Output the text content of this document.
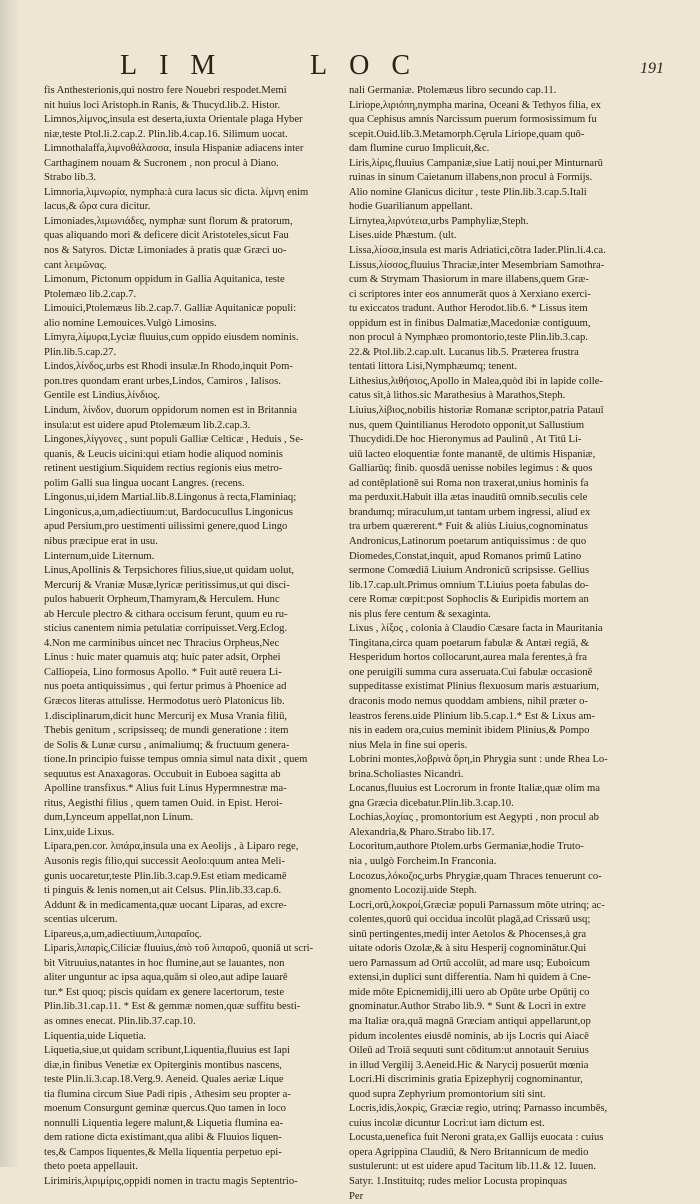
LIM	LOC	191
fis Anthesterionis,qui nostro fere Nouebri respodet.Memi
nit huius loci Aristoph.in Ranis, & Thucyd.lib.2. Histor.
Limnos,λίμνος,insula est deserta,iuxta Orientale plaga Hyber
niæ,teste Ptol.li.2.cap.2. Plin.lib.4.cap.16. Silimum uocat.
Limnothalaffa,λιμνοθάλασσα, insula Hispaniæ adiacens inter
Carthaginem nouam & Sucronem , non procul à Diano.
Strabo lib.3.
Limnoria,λιμνωρία, nympha:à cura lacus sic dicta. λίμνη enim
lacus,& ὤρα cura dicitur.
Limoniades,λιμωνιάδες, nymphæ sunt florum & pratorum,
quas aliquando mori & deficere dicit Aristoteles,sicut Fau
nos & Satyros. Dictæ Limoniades à pratis quæ Græci uo-
cant λειμῶνας.
Limonum, Pictonum oppidum in Gallia Aquitanica, teste
Ptolemæo lib.2.cap.7.
Limouici,Ptolemæus lib.2.cap.7. Galliæ Aquitanicæ populi:
alio nomine Lemouices.Vulgò Limosins.
Limyra,λίμυρα,Lyciæ fluuius,cum oppido eiusdem nominis.
Plin.lib.5.cap.27.
Lindos,λίνδος,urbs est Rhodi insulæ.In Rhodo,inquit Pom-
pon.tres quondam erant urbes,Lindos, Camiros , Ialisos.
Gentile est Lindius,λίνδιος.
Lindum, λίνδον, duorum oppidorum nomen est in Britannia
insula:ut est uidere apud Ptolemæum lib.2.cap.3.
Lingones,λίγγονες , sunt populi Galliæ Celticæ , Heduis , Se-
quanis, & Leucis uicini:qui etiam hodie aliquod nominis
retinent uestigium.Siquidem rectius regionis eius metro-
polim Galli sua lingua uocant Langres. (recens.
Lingonus,ui,idem Martial.lib.8.Lingonus à recta,Flaminiaq;
Lingonicus,a,um,adiectiuum:ut, Bardocucullus Lingonicus
apud Persium,pro uestimenti uilissimi genere,quod Lingo
nibus præcipue erat in usu.
Linternum,uide Liternum.
Linus,Apollinis & Terpsichores filius,siue,ut quidam uolut,
Mercurij & Vraniæ Musæ,lyricæ peritissimus,ut qui disci-
pulos habuerit Orpheum,Thamyram,& Herculem. Hunc
ab Hercule plectro & cithara occisum ferunt, quum eu ru-
sticius canentem nimia petulatiæ corripuisset.Verg.Eclog.
4.Non me carminibus uincet nec Thracius Orpheus,Nec
Linus : huic mater quamuis atq; huic pater adsit, Orphei
Calliopeia, Lino formosus Apollo. * Fuit autē reuera Li-
nus poeta antiquissimus , qui fertur primus à Phoenice ad
Græcos literas attulisse. Hermodotus uerò Platonicus lib.
1.disciplinarum,dicit hunc Mercurij ex Musa Vrania filiū,
Thebis genitum , scripsisseq; de mundi generatione : item
de Solis & Lunæ cursu , animaliumq; & fructuum genera-
tione.In principio fuisse tempus omnia simul nata dixit , quem
sequutus est Anaxagoras. Occubuit in Euboea sagitta ab
Apolline transfixus.* Alius fuit Linus Hypermnestræ ma-
ritus, Aegisthi filius , quem tamen Ouid. in Epist. Heroi-
dum,Lynceum appellat,non Linum.
Linx,uide Lixus.
Lipara,pen.cor. λιπάρα,insula una ex Aeolijs , à Liparo rege,
Ausonis regis filio,qui successit Aeolo:quum antea Meli-
gunis uocaretur,teste Plin.lib.3.cap.9.Est etiam medicamē
ti pinguis & lenis nomen,ut ait Celsus. Plin.lib.33.cap.6.
Addunt & in medicamenta,quæ uocant Liparas, ad excre-
scentias ulcerum.
Lipareus,a,um,adiectiuum,λιπαραῖος.
Liparis,λιπαρὶς,Ciliciæ fluuius,ἀπὸ τοῦ λιπαροῦ, quoniā ut scri-
bit Vitruuius,natantes in hoc flumine,aut se lauantes, non
aliter unguntur ac ipsa aqua,quām si oleo,aut adipe lauarē
tur.* Est quoq; piscis quidam ex genere lacertorum, teste
Plin.lib.31.cap.11. * Est & gemmæ nomen,quæ suffitu besti-
as omnes enecat. Plin.lib.37.cap.10.
Liquentia,uide Liquetia.
Liquetia,siue,ut quidam scribunt,Liquentia,fluuius est Iapi
diæ,in finibus Venetiæ ex Opiterginis montibus nascens,
teste Plin.li.3.cap.18.Verg.9. Aeneid. Quales aeriæ Lique
tia flumina circum Siue Padi ripis , Athesim seu propter a-
moenum Consurgunt geminæ quercus.Quo tamen in loco
nonnulli Liquentia legere malunt,& Liquetia flumina ea-
dem ratione dicta existimant,qua alibi & Fluuios liquen-
tes,& Campos liquentes,& Mella liquentia perpetuo epi-
theto poeta appellauit.
Lirimiris,λιριμίρις,oppidi nomen in tractu magis Septentrio-
nali Germaniæ. Ptolemæus libro secundo cap.11.
Liriope,λιριόπη,nympha marina, Oceani & Tethyos filia, ex
qua Cephisus amnis Narcissum puerum formosissimum fu
scepit.Ouid.lib.3.Metamorph.Cęrula Liriope,quam quō-
dam flumine curuo Implicuit,&c.
Liris,λίρις,fluuius Campaniæ,siue Latij noui,per Minturnarū
ruinas in sinum Caietanum illabens,non procul à Formijs.
Alio nomine Glanicus dicitur , teste Plin.lib.3.cap.5.Itali
hodie Guarilianum appellant.
Lirnytea,λιρνύτεια,urbs Pamphyliæ,Steph.
Lises.uide Phæstum. (ult.
Lissa,λίσσα,insula est maris Adriatici,cōtra Iader.Plin.li.4.ca.
Lissus,λίσσος,fluuius Thraciæ,inter Mesembriam Samothra-
cum & Strymam Thasiorum in mare illabens,quem Græ-
ci scriptores inter eos annumerāt quos à Xerxiano exerci-
tu exiccatos tradunt. Author Herodot.lib.6. * Lissus item
oppidum est in finibus Dalmatiæ,Macedoniæ contiguum,
non procul à Nymphæo promontorio,teste Plin.lib.3.cap.
22.& Ptol.lib.2.cap.ult. Lucanus lib.5. Præterea frustra
tentati littora Lisi,Nymphæumq; tenent.
Lithesius,λιθήσιος,Apollo in Malea,quòd ibi in lapide colle-
catus sit,à lithos.sic Marathesius à Marathos,Steph.
Liuius,λίβιος,nobilis historiæ Romanæ scriptor,patria Patauī
nus, quem Quintilianus Herodoto opponit,ut Sallustium
Thucydidi.De hoc Hieronymus ad Paulinū , At Titū Li-
uiū lacteo eloquentiæ fonte manantē, de ultimis Hispaniæ,
Galliarūq; finib. quosdā uenisse nobiles legimus : & quos
ad contēplationē sui Roma non traxerat,unius hominis fa
ma perduxit.Habuit illa ætas inauditū omnib.seculis cele
brandumq; miraculum,ut tantam urbem ingressi, aliud ex
tra urbem quærerent.* Fuit & aliùs Liuius,cognominatus
Andronicus,Latinorum poetarum antiquissimus : de quo
Diomedes,Constat,inquit, apud Romanos primū Latino
sermone Comœdiā Liuium Andronicū scripsisse. Gellius
lib.17.cap.ult.Primus omnium T.Liuius poeta fabulas do-
cere Romæ cœpit:post Sophoclis & Euripidis mortem an
nis plus fere centum & sexaginta.
Lixus , λίξος , colonia à Claudio Cæsare facta in Mauritania
Tingitana,circa quam poetarum fabulæ & Antæi regiā, &
Hesperidum hortos collocarunt,aurea mala ferentes,à fra
one peruigili summa cura asseruata.Cui fabulæ occasionē
suppeditasse existimat Plinius flexuosum maris æstuarium,
draconis modo nemus quoddam ambiens, nihil præter o-
leastros ferens.uide Plinium lib.5.cap.1.* Est & Lixus am-
nis in eadem ora,cuius meminit ibidem Plinius,& Pompo
nius Mela in fine sui operis.
Lobrini montes,λοβρινὰ ὄρη,in Phrygia sunt : unde Rhea Lo-
brina.Scholiastes Nicandri.
Locanus,fluuius est Locrorum in fronte Italiæ,quæ olim ma
gna Græcia dicebatur.Plin.lib.3.cap.10.
Lochias,λοχίας , promontorium est Aegypti , non procul ab
Alexandria,& Pharo.Strabo lib.17.
Locoritum,authore Ptolem.urbs Germaniæ,hodie Truto-
nia , uulgò Forcheim.In Franconia.
Locozus,λόκοζος,urbs Phrygiæ,quam Thraces tenuerunt co-
gnomento Locozij.uide Steph.
Locri,orū,λοκροί,Græciæ populi Parnassum mōte utrinq; ac-
colentes,quorū qui occidua incolūt plagā,ad Crissæū usq;
sinū pertingentes,medij inter Aetolos & Phocenses,à gra
uitate odoris Ozolæ,& à situ Hesperij cognominātur.Qui
uero Parnassum ad Ortū accolūt, ad mare usq; Euboicum
extensi,in duplici sunt differentia. Nam hi quidem à Cne-
mide mōte Epicnemidij,illi uero ab Opūte urbe Opūtij co
gnominatur.Author Strabo lib.9. * Sunt & Locri in extre
ma Italiæ ora,quā magnā Græciam antiqui appellarunt,op
pidum incolentes eiusdē nominis, ab ijs Locris qui Aiacē
Oileū ad Troiā sequuti sunt cōditum:ut annotauit Seruius
in illud Vergilij 3.Aeneid.Hic & Narycij posuerūt mœnia
Locri.Hi discriminis gratia Epizephyrij cognominantur,
quod supra Zephyrium promontorium siti sint.
Locris,idis,λοκρὶς, Græciæ regio, utrinq; Parnasso incumbēs,
cuius incolæ dicuntur Locri:ut iam dictum est.
Locusta,uenefica fuit Neroni grata,ex Gallijs euocata : cuius
opera Agrippina Claudiū, & Nero Britannicum de medio
sustulerunt: ut est uidere apud Tacitum lib.11.& 12. Iuuen.
Satyr. 1.Instituitq; rudes melior Locusta propinquas
Per
